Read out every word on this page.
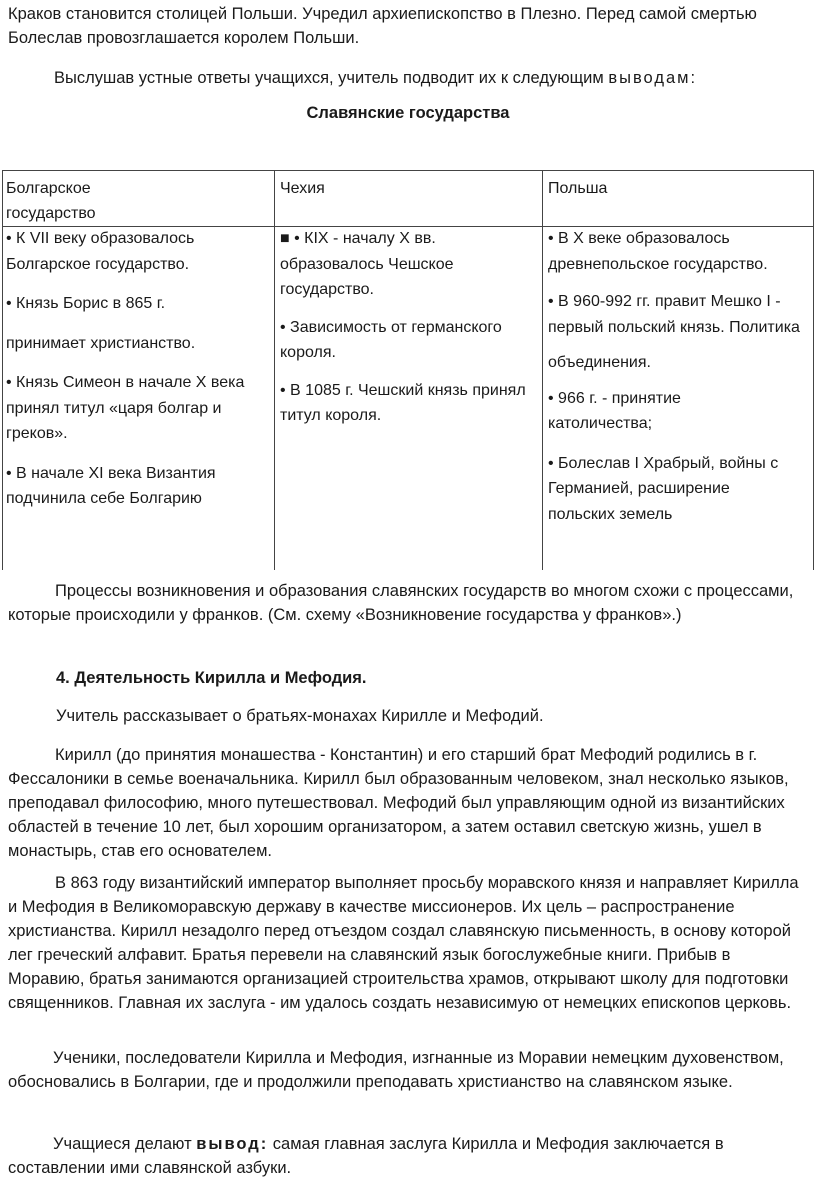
Краков становится столицей Польши. Учредил архиепископство в Плезно. Перед самой смертью

Болеслав провозглашается королем Польши.

Выслушав устные ответы учащихся, учитель подводит их к следующим выводам:

Славянские государства

Болгарское государство
Чехия	Польша

• К VII веку образовалось Болгарское государство.

• Князь Борис в 865 г.

принимает христианство.

• Князь Симеон в начале Х века принял титул «царя болгар и греков».

• В начале XI века Византия подчинила себе Болгарию

■ • КIХ - началу Х вв. образовалось Чешское государство.

• Зависимость от германского короля.

• В 1085 г. Чешский князь принял титул короля.

• В X веке образовалось древнепольское государство.

• В 960-992 гг. правит Мешко I - первый польский князь. Политика

объединения.

• 966 г. - принятие католичества;

• Болеслав I Храбрый, войны с Германией, расширение польских земель

Процессы возникновения и образования славянских государств во многом схожи с процессами, которые происходили у франков. (См. схему «Возникновение государства у франков».)

4. Деятельность Кирилла и Мефодия.

Учитель рассказывает о братьях-монахах Кирилле и Мефодий.

Кирилл (до принятия монашества - Константин) и его старший брат Мефодий родились в г. Фессалоники в семье военачальника. Кирилл был образованным человеком, знал несколько языков, преподавал философию, много путешествовал. Мефодий был управляющим одной из византийских областей в течение 10 лет, был хорошим организатором, а затем оставил светскую жизнь, ушел в монастырь, став его основателем.

В 863 году византийский император выполняет просьбу моравского князя и направляет Кирилла и Мефодия в Великоморавскую державу в качестве миссионеров. Их цель – распространение христианства. Кирилл незадолго перед отъездом создал славянскую письменность, в основу которой лег греческий алфавит. Братья перевели на славянский язык богослужебные книги. Прибыв в Моравию, братья занимаются организацией строительства храмов, открывают школу для подготовки священников. Главная их заслуга - им удалось создать независимую от немецких епископов церковь.

Ученики, последователи Кирилла и Мефодия, изгнанные из Моравии немецким духовенством, обосновались в Болгарии, где и продолжили преподавать христианство на славянском языке.

Учащиеся делают вывод: самая главная заслуга Кирилла и Мефодия заключается в составлении ими славянской азбуки.
